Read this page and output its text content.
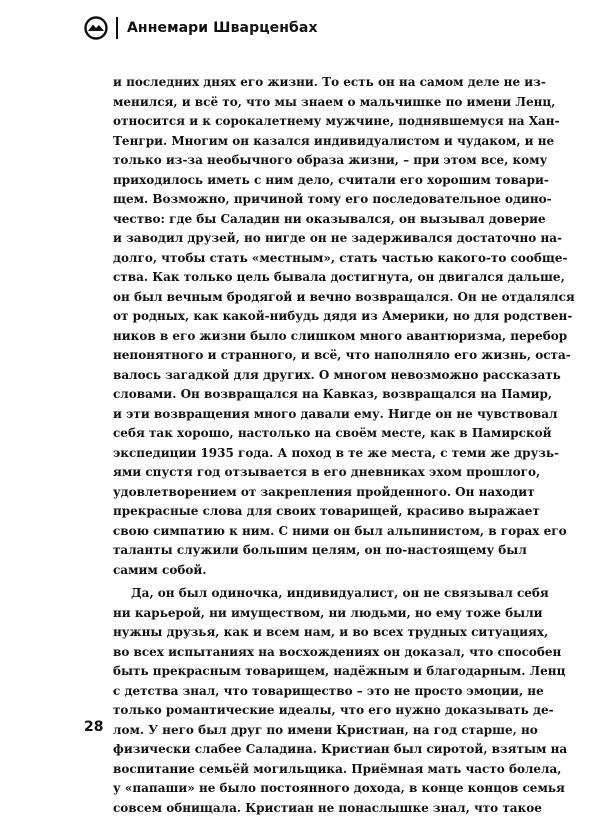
Аннемари Шварценбах
и последних днях его жизни. То есть он на самом деле не из-
менился, и всё то, что мы знаем о мальчишке по имени Ленц,
относится и к сорокалетнему мужчине, поднявшемуся на Хан-
Тенгри. Многим он казался индивидуалистом и чудаком, и не
только из-за необычного образа жизни, – при этом все, кому
приходилось иметь с ним дело, считали его хорошим товари-
щем. Возможно, причиной тому его последовательное одино-
чество: где бы Саладин ни оказывался, он вызывал доверие
и заводил друзей, но нигде он не задерживался достаточно на-
долго, чтобы стать «местным», стать частью какого-то сообще-
ства. Как только цель бывала достигнута, он двигался дальше,
он был вечным бродягой и вечно возвращался. Он не отдалялся
от родных, как какой-нибудь дядя из Америки, но для родствен-
ников в его жизни было слишком много авантюризма, перебор
непонятного и странного, и всё, что наполняло его жизнь, оста-
валось загадкой для других. О многом невозможно рассказать
словами. Он возвращался на Кавказ, возвращался на Памир,
и эти возвращения много давали ему. Нигде он не чувствовал
себя так хорошо, настолько на своём месте, как в Памирской
экспедиции 1935 года. А поход в те же места, с теми же друзь-
ями спустя год отзывается в его дневниках эхом прошлого,
удовлетворением от закрепления пройденного. Он находит
прекрасные слова для своих товарищей, красиво выражает
свою симпатию к ним. С ними он был альпинистом, в горах его
таланты служили большим целям, он по-настоящему был
самим собой.
Да, он был одиночка, индивидуалист, он не связывал себя
ни карьерой, ни имуществом, ни людьми, но ему тоже были
нужны друзья, как и всем нам, и во всех трудных ситуациях,
во всех испытаниях на восхождениях он доказал, что способен
быть прекрасным товарищем, надёжным и благодарным. Ленц
с детства знал, что товарищество – это не просто эмоции, не
только романтические идеалы, что его нужно доказывать де-
лом. У него был друг по имени Кристиан, на год старше, но
физически слабее Саладина. Кристиан был сиротой, взятым на
воспитание семьёй могильщика. Приёмная мать часто болела,
у «папаши» не было постоянного дохода, в конце концов семья
совсем обнищала. Кристиан не понаслышке знал, что такое
28
